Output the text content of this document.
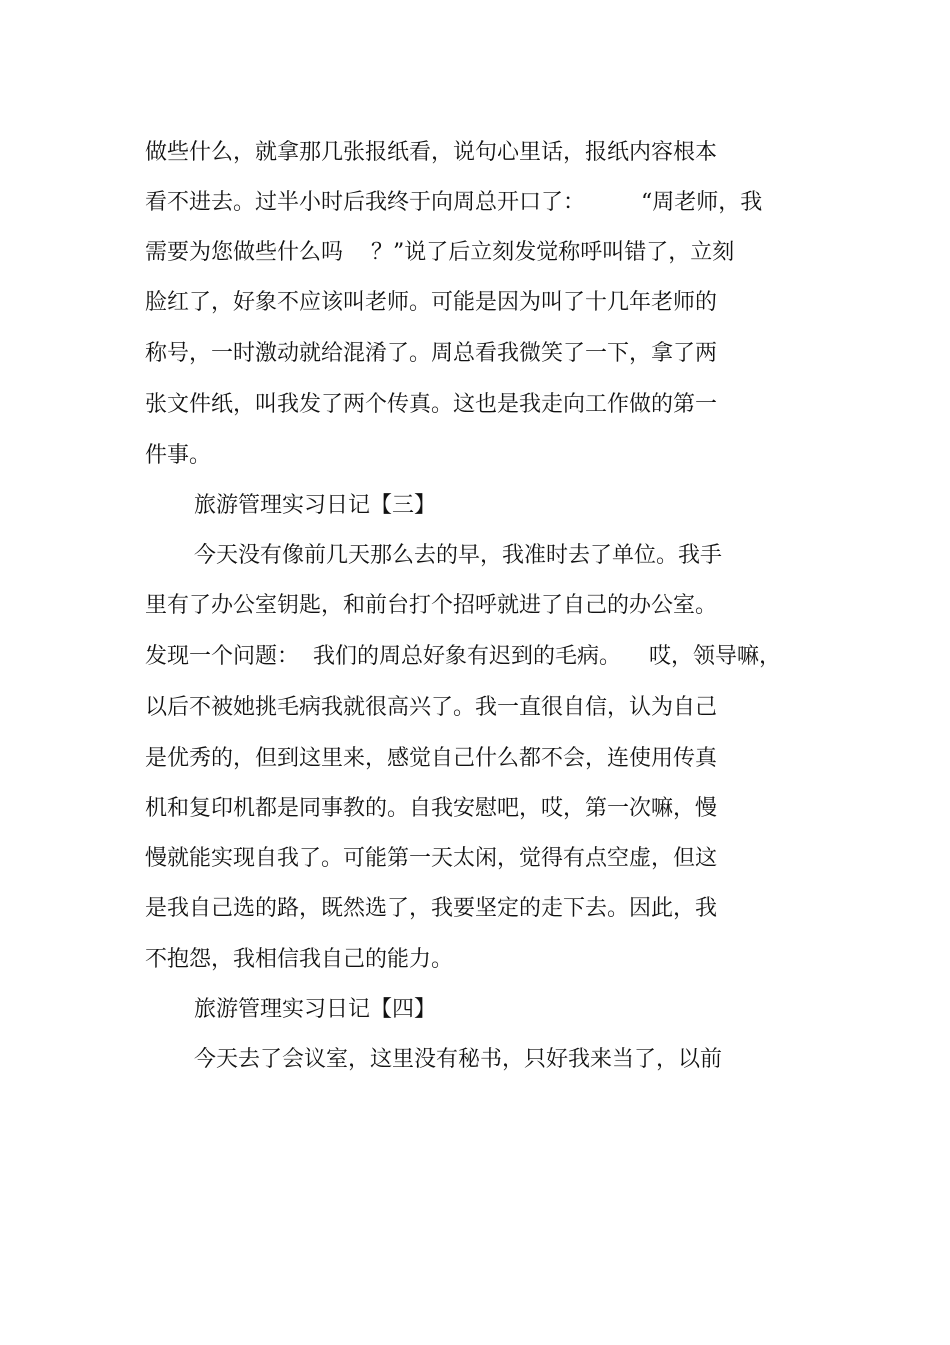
做些什么，就拿那几张报纸看，说句心里话，报纸内容根本
看不进去。过半小时后我终于向周总开口了：        “周老师，我
需要为您做些什么吗    ？”说了后立刻发觉称呼叫错了，立刻
脸红了，好象不应该叫老师。可能是因为叫了十几年老师的
称号，一时激动就给混淆了。周总看我微笑了一下，拿了两
张文件纸，叫我发了两个传真。这也是我走向工作做的第一
件事。
旅游管理实习日记【三】
今天没有像前几天那么去的早，我准时去了单位。我手
里有了办公室钥匙，和前台打个招呼就进了自己的办公室。
发现一个问题：  我们的周总好象有迟到的毛病。    哎，领导嘛，
以后不被她挑毛病我就很高兴了。我一直很自信，认为自己
是优秀的，但到这里来，感觉自己什么都不会，连使用传真
机和复印机都是同事教的。自我安慰吧，哎，第一次嘛，慢
慢就能实现自我了。可能第一天太闲，觉得有点空虚，但这
是我自己选的路，既然选了，我要坚定的走下去。因此，我
不抱怨，我相信我自己的能力。
旅游管理实习日记【四】
今天去了会议室，这里没有秘书，只好我来当了，以前
